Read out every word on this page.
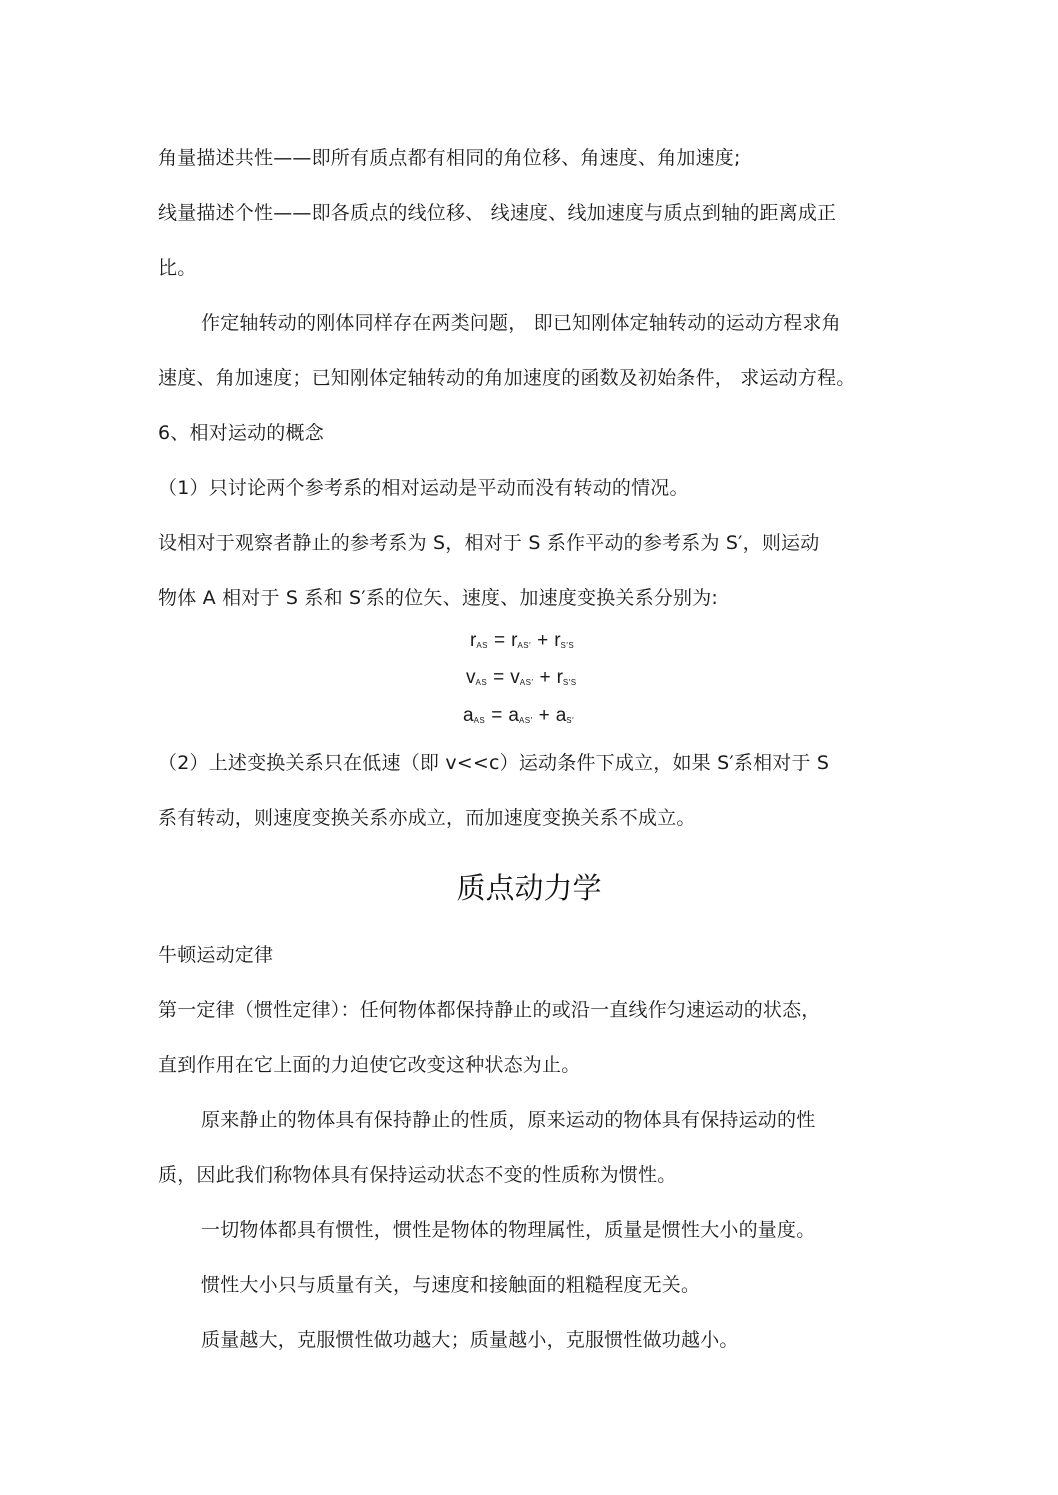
角量描述共性——即所有质点都有相同的角位移、角速度、角加速度;
线量描述个性——即各质点的线位移、 线速度、线加速度与质点到轴的距离成正
比。
作定轴转动的刚体同样存在两类问题， 即已知刚体定轴转动的运动方程求角
速度、角加速度；已知刚体定轴转动的角加速度的函数及初始条件， 求运动方程。
6、相对运动的概念
（1）只讨论两个参考系的相对运动是平动而没有转动的情况。
设相对于观察者静止的参考系为 S，相对于 S 系作平动的参考系为 S′，则运动
物体 A 相对于 S 系和 S′系的位矢、速度、加速度变换关系分别为:
$r_{AS} = r_{AS'} + r_{S'S}$
$v_{AS} = v_{AS'} + r_{S'S}$
$a_{AS} = a_{AS'} + a_{S'}$
（2）上述变换关系只在低速（即 v<<c）运动条件下成立，如果 S′系相对于 S
系有转动，则速度变换关系亦成立，而加速度变换关系不成立。
质点动力学
牛顿运动定律
第一定律（惯性定律）：任何物体都保持静止的或沿一直线作匀速运动的状态，
直到作用在它上面的力迫使它改变这种状态为止。
原来静止的物体具有保持静止的性质，原来运动的物体具有保持运动的性
质，因此我们称物体具有保持运动状态不变的性质称为惯性。
一切物体都具有惯性，惯性是物体的物理属性，质量是惯性大小的量度。
惯性大小只与质量有关，与速度和接触面的粗糙程度无关。
质量越大，克服惯性做功越大；质量越小，克服惯性做功越小。
